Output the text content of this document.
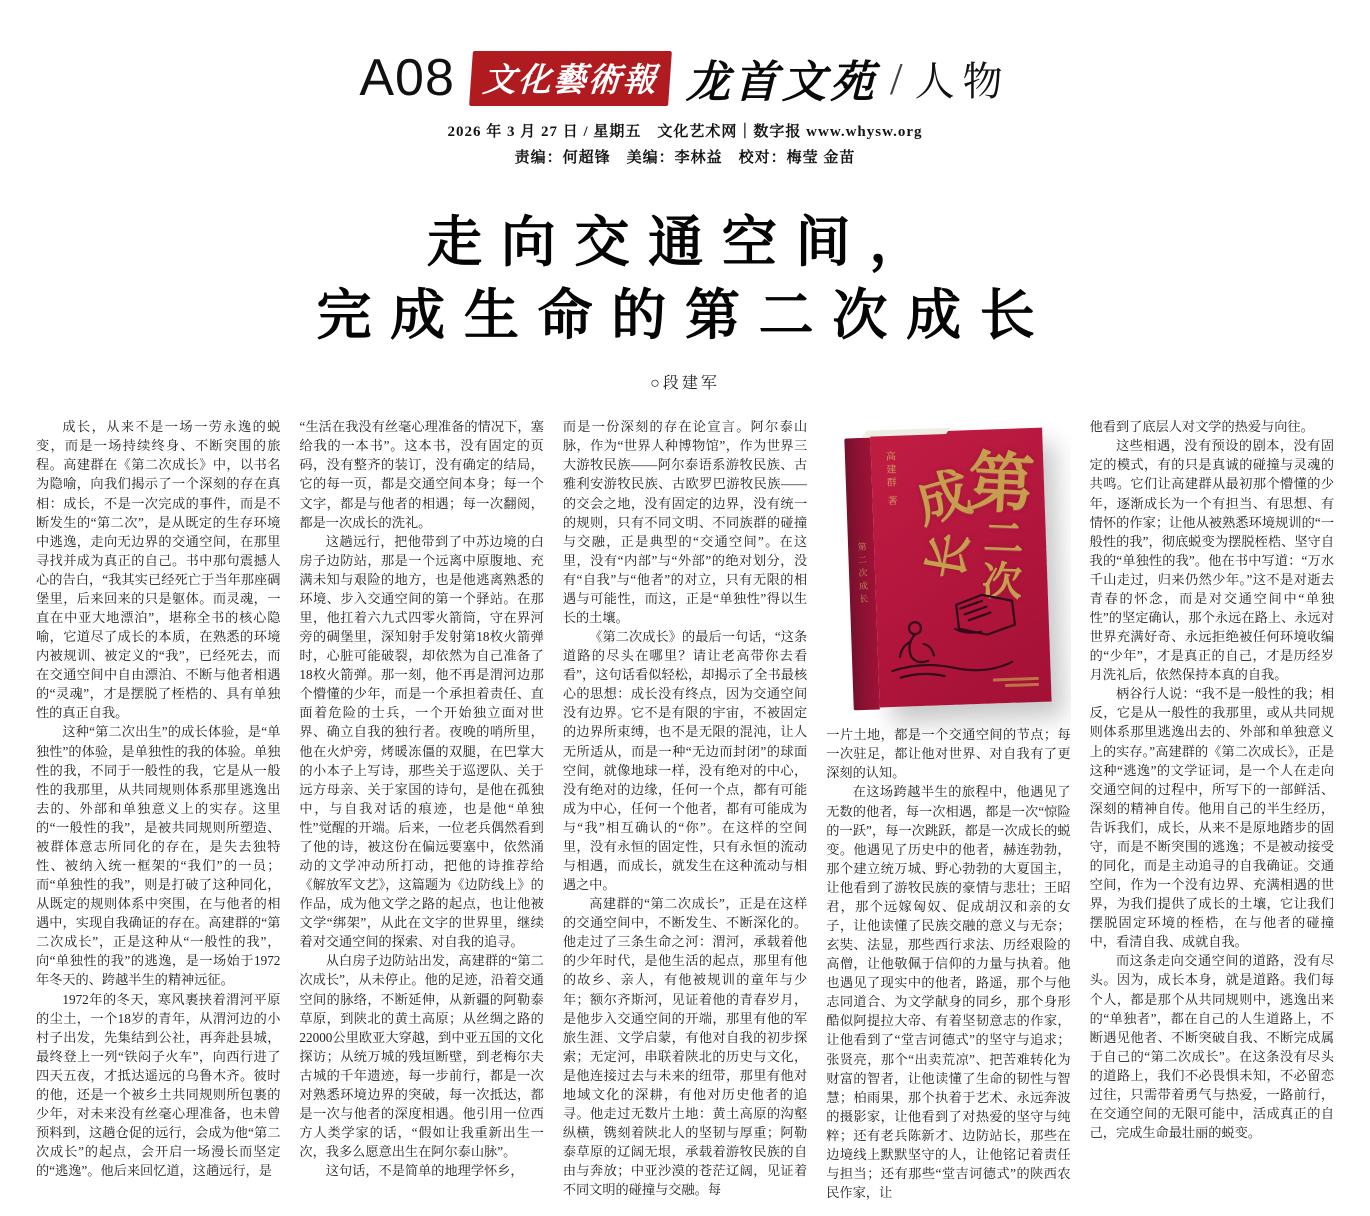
A08 文化藝術報 龙首文苑 / 人物
2026 年 3 月 27 日 / 星期五　文化艺术网｜数字报 www.whysw.org
责编：何超锋　美编：李林益　校对：梅莹 金苗
走向交通空间，
完成生命的第二次成长
○段建军

成长，从来不是一场一劳永逸的蜕变，而是一场持续终身、不断突围的旅程。高建群在《第二次成长》中，以书名为隐喻，向我们揭示了一个深刻的存在真相：成长，不是一次完成的事件，而是不断发生的“第二次”，是从既定的生存环境中逃逸，走向无边界的交通空间，在那里寻找并成为真正的自己。书中那句震撼人心的告白，“我其实已经死亡于当年那座碉堡里，后来回来的只是躯体。而灵魂，一直在中亚大地漂泊”，堪称全书的核心隐喻，它道尽了成长的本质，在熟悉的环境内被规训、被定义的“我”，已经死去，而在交通空间中自由漂泊、不断与他者相遇的“灵魂”，才是摆脱了桎梏的、具有单独性的真正自我。

这种“第二次出生”的成长体验，是“单独性”的体验，是单独性的我的体验。单独性的我，不同于一般性的我，它是从一般性的我那里，从共同规则体系那里逃逸出去的、外部和单独意义上的实存。这里的“一般性的我”，是被共同规则所塑造、被群体意志所同化的存在，是失去独特性、被纳入统一框架的“我们”的一员；而“单独性的我”，则是打破了这种同化，从既定的规则体系中突围，在与他者的相遇中，实现自我确证的存在。高建群的“第二次成长”，正是这种从“一般性的我”，向“单独性的我”的逃逸，是一场始于1972年冬天的、跨越半生的精神远征。

1972年的冬天，寒风裹挟着渭河平原的尘土，一个18岁的青年，从渭河边的小村子出发，先集结到公社，再奔赴县城，最终登上一列“铁闷子火车”，向西行进了四天五夜，才抵达遥远的乌鲁木齐。彼时的他，还是一个被乡土共同规则所包裹的少年，对未来没有丝毫心理准备，也未曾预料到，这趟仓促的远行，会成为他“第二次成长”的起点，会开启一场漫长而坚定的“逃逸”。他后来回忆道，这趟远行，是

“生活在我没有丝毫心理准备的情况下，塞给我的一本书”。这本书，没有固定的页码，没有整齐的装订，没有确定的结局，它的每一页，都是交通空间本身；每一个文字，都是与他者的相遇；每一次翻阅，都是一次成长的洗礼。

这趟远行，把他带到了中苏边境的白房子边防站，那是一个远离中原腹地、充满未知与艰险的地方，也是他逃离熟悉的环境、步入交通空间的第一个驿站。在那里，他扛着六九式四零火箭筒，守在界河旁的碉堡里，深知射手发射第18枚火箭弹时，心脏可能破裂，却依然为自己准备了18枚火箭弹。那一刻，他不再是渭河边那个懵懂的少年，而是一个承担着责任、直面着危险的士兵，一个开始独立面对世界、确立自我的独行者。夜晚的哨所里，他在火炉旁，烤暖冻僵的双腿，在巴掌大的小本子上写诗，那些关于巡逻队、关于远方母亲、关于家国的诗句，是他在孤独中，与自我对话的痕迹，也是他“单独性”觉醒的开端。后来，一位老兵偶然看到了他的诗，被这份在偏远要塞中，依然涌动的文学冲动所打动，把他的诗推荐给《解放军文艺》，这篇题为《边防线上》的作品，成为他文学之路的起点，也让他被文学“绑架”，从此在文字的世界里，继续着对交通空间的探索、对自我的追寻。

从白房子边防站出发，高建群的“第二次成长”，从未停止。他的足迹，沿着交通空间的脉络，不断延伸，从新疆的阿勒泰草原，到陕北的黄土高原；从丝绸之路的22000公里欧亚大穿越，到中亚五国的文化探访；从统万城的残垣断壁，到老梅尔夫古城的千年遗迹，每一步前行，都是一次对熟悉环境边界的突破，每一次抵达，都是一次与他者的深度相遇。他引用一位西方人类学家的话，“假如让我重新出生一次，我多么愿意出生在阿尔泰山脉”。

这句话，不是简单的地理学怀乡，

而是一份深刻的存在论宣言。阿尔泰山脉，作为“世界人种博物馆”，作为世界三大游牧民族——阿尔泰语系游牧民族、古雅利安游牧民族、古欧罗巴游牧民族——的交会之地，没有固定的边界，没有统一的规则，只有不同文明、不同族群的碰撞与交融，正是典型的“交通空间”。在这里，没有“内部”与“外部”的绝对划分，没有“自我”与“他者”的对立，只有无限的相遇与可能性，而这，正是“单独性”得以生长的土壤。

《第二次成长》的最后一句话，“这条道路的尽头在哪里？请让老高带你去看看”，这句话看似轻松，却揭示了全书最核心的思想：成长没有终点，因为交通空间没有边界。它不是有限的宇宙，不被固定的边界所束缚，也不是无限的混沌，让人无所适从，而是一种“无边而封闭”的球面空间，就像地球一样，没有绝对的中心，没有绝对的边缘，任何一个点，都有可能成为中心，任何一个他者，都有可能成为与“我”相互确认的“你”。在这样的空间里，没有永恒的固定性，只有永恒的流动与相遇，而成长，就发生在这种流动与相遇之中。

高建群的“第二次成长”，正是在这样的交通空间中，不断发生、不断深化的。他走过了三条生命之河：渭河，承载着他的少年时代，是他生活的起点，那里有他的故乡、亲人，有他被规训的童年与少年；额尔齐斯河，见证着他的青春岁月，是他步入交通空间的开端，那里有他的军旅生涯、文学启蒙，有他对自我的初步探索；无定河，串联着陕北的历史与文化，是他连接过去与未来的纽带，那里有他对地域文化的深耕，有他对历史他者的追寻。他走过无数片土地：黄土高原的沟壑纵横，镌刻着陕北人的坚韧与厚重；阿勒泰草原的辽阔无垠，承载着游牧民族的自由与奔放；中亚沙漠的苍茫辽阔，见证着不同文明的碰撞与交融。每

第二次成长
高建群 著 成
第
长 二次

一片土地，都是一个交通空间的节点；每一次驻足，都让他对世界、对自我有了更深刻的认知。

在这场跨越半生的旅程中，他遇见了无数的他者，每一次相遇，都是一次“惊险的一跃”，每一次跳跃，都是一次成长的蜕变。他遇见了历史中的他者，赫连勃勃，那个建立统万城、野心勃勃的大夏国主，让他看到了游牧民族的豪情与悲壮；王昭君，那个远嫁匈奴、促成胡汉和亲的女子，让他读懂了民族交融的意义与无奈；玄奘、法显，那些西行求法、历经艰险的高僧，让他敬佩于信仰的力量与执着。他也遇见了现实中的他者，路遥，那个与他志同道合、为文学献身的同乡，那个身形酷似阿提拉大帝、有着坚韧意志的作家，让他看到了“堂吉诃德式”的坚守与追求；张贤亮，那个“出卖荒凉”、把苦难转化为财富的智者，让他读懂了生命的韧性与智慧；柏雨果，那个执着于艺术、永远奔波的摄影家，让他看到了对热爱的坚守与纯粹；还有老兵陈新才、边防站长，那些在边境线上默默坚守的人，让他铭记着责任与担当；还有那些“堂吉诃德式”的陕西农民作家，让

他看到了底层人对文学的热爱与向往。

这些相遇，没有预设的剧本，没有固定的模式，有的只是真诚的碰撞与灵魂的共鸣。它们让高建群从最初那个懵懂的少年，逐渐成长为一个有担当、有思想、有情怀的作家；让他从被熟悉环境规训的“一般性的我”，彻底蜕变为摆脱桎梏、坚守自我的“单独性的我”。他在书中写道：“万水千山走过，归来仍然少年。”这不是对逝去青春的怀念，而是对交通空间中“单独性”的坚定确认，那个永远在路上、永远对世界充满好奇、永远拒绝被任何环境收编的“少年”，才是真正的自己，才是历经岁月洗礼后，依然保持本真的自我。

柄谷行人说：“我不是一般性的我；相反，它是从一般性的我那里，或从共同规则体系那里逃逸出去的、外部和单独意义上的实存。”高建群的《第二次成长》，正是这种“逃逸”的文学证词，是一个人在走向交通空间的过程中，所写下的一部鲜活、深刻的精神自传。他用自己的半生经历，告诉我们，成长，从来不是原地踏步的固守，而是不断突围的逃逸；不是被动接受的同化，而是主动追寻的自我确证。交通空间，作为一个没有边界、充满相遇的世界，为我们提供了成长的土壤，它让我们摆脱固定环境的桎梏，在与他者的碰撞中，看清自我、成就自我。

而这条走向交通空间的道路，没有尽头。因为，成长本身，就是道路。我们每个人，都是那个从共同规则中，逃逸出来的“单独者”，都在自己的人生道路上，不断遇见他者、不断突破自我、不断完成属于自己的“第二次成长”。在这条没有尽头的道路上，我们不必畏惧未知，不必留恋过往，只需带着勇气与热爱，一路前行，在交通空间的无限可能中，活成真正的自己，完成生命最壮丽的蜕变。
